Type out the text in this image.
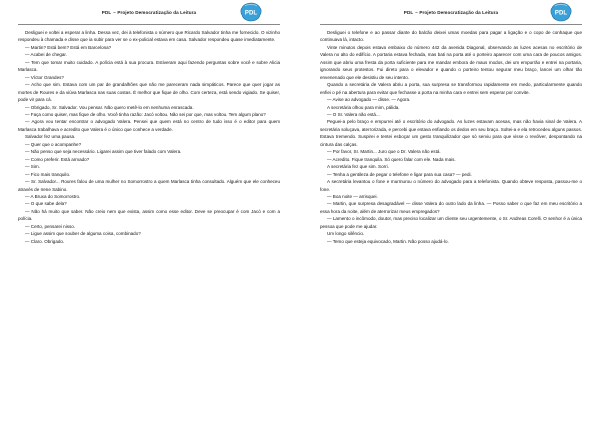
PDL – Projeto Democratização da Leitura	PDL

Desliguei e voltei a esperar a linha. Dessa vez, dei à telefonista o número que Ricardo Salvador tinha me fornecido. O vizinho respondeu à chamada e disse que ia subir para ver se o ex-policial estava em casa. Salvador respondeu quase imediatamente.

— Martin? Está bem? Está em Barcelona?

— Acabei de chegar.

— Tem que tomar muito cuidado. A polícia está à sua procura. Estiveram aqui fazendo perguntas sobre você e sobre Alicia Marlasca.

— Víctor Grandes?

— Acho que sim. Estava com um par de grandalhões que não me pareceram nada simpáticos. Parece que quer jogar as mortes de Roures e da viúva Marlasca nas suas costas. É melhor que fique de olho. Com certeza, está sendo vigiado. Se quiser, pode vir para cá.

— Obrigado, Sr. Salvador. Vou pensar. Não quero metê-lo em nenhuma enrascada.

— Faça como quiser, mas fique de olho. Você tinha razão: Jacó voltou. Não sei por que, mas voltou. Tem algum plano?

— Agora vou tentar encontrar o advogado Valera. Pensei que quem está no centro de tudo isso é o editor para quem Marlasca trabalhava e acredito que Valera é o único que conhece a verdade.

Salvador fez uma pausa.

— Quer que o acompanhe?

— Não penso que seja necessário. Ligarei assim que tiver falado com Valera.

— Como preferir. Está armado?

— Sim.

— Fico mais tranquilo.

— Sr. Salvador... Roures falou de uma mulher no Somorrostro a quem Marlasca tinha consultado. Alguém que ele conheceu através de Irene Sabino.

— A Bruxa do Somorrostro.

— O que sabe dela?

— Não há muito que saber. Não creio nem que exista, assim como esse editor. Deve se preocupar é com Jacó e com a polícia.

— Certo, pensarei nisso.

— Ligue assim que souber de alguma coisa, combinado?

— Claro. Obrigado.

PDL – Projeto Democratização da Leitura	PDL

Desliguei o telefone e ao passar diante do balcão deixei umas moedas para pagar a ligação e o copo de conhaque que continuava lá, intacto.

Vinte minutos depois estava embaixo do número 442 da avenida Diagonal, observando as luzes acesas no escritório de Valera no alto do edifício. A portaria estava fechada, mas bati na porta até o porteiro aparecer com uma cara de poucos amigos. Assim que abriu uma fresta da porta suficiente para me mandar embora de maus modos, dei um empurrão e entrei na portaria, ignorando seus protestos. Fui direto para o elevador e quando o porteiro tentou segurar meu braço, lancei um olhar tão envenenado que ele desistiu de seu intento.

Quando a secretária de Valera abriu a porta, sua surpresa se transformou rapidamente em medo, particularmente quando enfiei o pé na abertura para evitar que fechasse a porta na minha cara e entrei sem esperar por convite.

— Avise ao advogado — disse. — Agora.

A secretária olhou para mim, pálida.

— O Sr. Valera não está...

Peguei-a pelo braço e empurrei até o escritório do advogado. As luzes estavam acesas, mas não havia sinal de Valera. A secretária soluçava, aterrorizada, e percebi que estava enfiando os dedos em seu braço. Soltei-a e ela retrocedeu alguns passos. Estava tremendo. Suspirei e tentei esboçar um gesto tranquilizador que só serviu para que visse o revólver, despontando na cintura das calças.

— Por favor, Sr. Martin... Juro que o Dr. Valera não está.

— Acredito. Fique tranquila. Só quero falar com ele. Nada mais.

A secretária fez que sim. Sorri.

— Tenha a gentileza de pegar o telefone e ligar para sua casa? — pedi.

A secretária levantou o fone e murmurou o número do advogado para a telefonista. Quando obteve resposta, passou-me o fone.

— Boa noite — arrisquei.

— Martin, que surpresa desagradável — disse Valera do outro lado da linha. — Posso saber o que faz em meu escritório a essa hora da noite, além de aterrorizar meus empregados?

— Lamento o incômodo, doutor, mas preciso localizar um cliente seu urgentemente, o Sr. Andreas Corelli. O senhor é a única pessoa que pode me ajudar.

Um longo silêncio.

— Temo que esteja equivocado, Martin. Não posso ajudá-lo.
